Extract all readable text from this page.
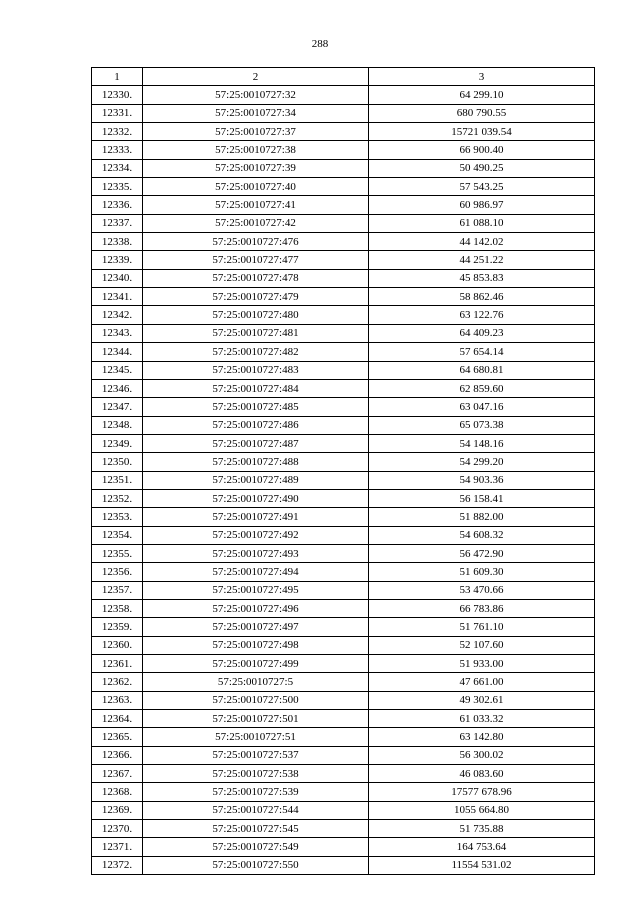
288
1	2	3
12330.	57:25:0010727:32	64 299.10
12331.	57:25:0010727:34	680 790.55
12332.	57:25:0010727:37	15721 039.54
12333.	57:25:0010727:38	66 900.40
12334.	57:25:0010727:39	50 490.25
12335.	57:25:0010727:40	57 543.25
12336.	57:25:0010727:41	60 986.97
12337.	57:25:0010727:42	61 088.10
12338.	57:25:0010727:476	44 142.02
12339.	57:25:0010727:477	44 251.22
12340.	57:25:0010727:478	45 853.83
12341.	57:25:0010727:479	58 862.46
12342.	57:25:0010727:480	63 122.76
12343.	57:25:0010727:481	64 409.23
12344.	57:25:0010727:482	57 654.14
12345.	57:25:0010727:483	64 680.81
12346.	57:25:0010727:484	62 859.60
12347.	57:25:0010727:485	63 047.16
12348.	57:25:0010727:486	65 073.38
12349.	57:25:0010727:487	54 148.16
12350.	57:25:0010727:488	54 299.20
12351.	57:25:0010727:489	54 903.36
12352.	57:25:0010727:490	56 158.41
12353.	57:25:0010727:491	51 882.00
12354.	57:25:0010727:492	54 608.32
12355.	57:25:0010727:493	56 472.90
12356.	57:25:0010727:494	51 609.30
12357.	57:25:0010727:495	53 470.66
12358.	57:25:0010727:496	66 783.86
12359.	57:25:0010727:497	51 761.10
12360.	57:25:0010727:498	52 107.60
12361.	57:25:0010727:499	51 933.00
12362.	57:25:0010727:5	47 661.00
12363.	57:25:0010727:500	49 302.61
12364.	57:25:0010727:501	61 033.32
12365.	57:25:0010727:51	63 142.80
12366.	57:25:0010727:537	56 300.02
12367.	57:25:0010727:538	46 083.60
12368.	57:25:0010727:539	17577 678.96
12369.	57:25:0010727:544	1055 664.80
12370.	57:25:0010727:545	51 735.88
12371.	57:25:0010727:549	164 753.64
12372.	57:25:0010727:550	11554 531.02
